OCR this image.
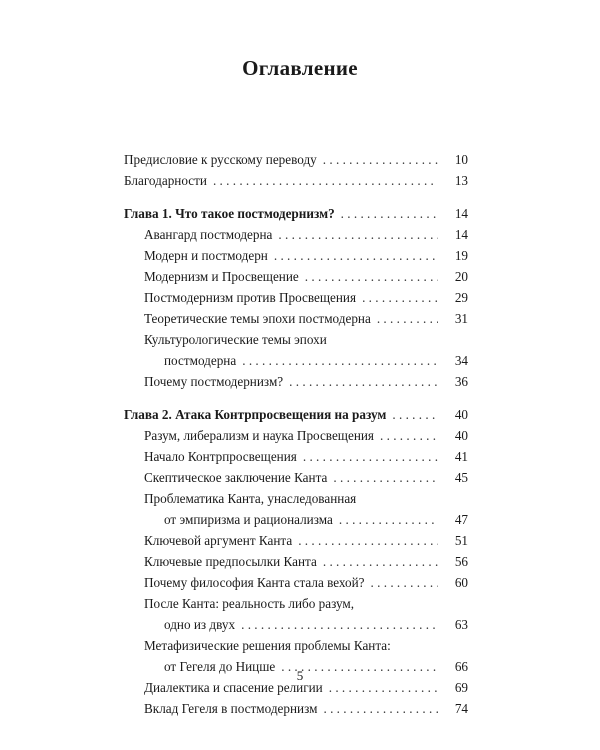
Оглавление
Предисловие к русскому переводу . . .	10
Благодарности . . .	13
Глава 1. Что такое постмодернизм? . . .	14
Авангард постмодерна . . .	14
Модерн и постмодерн . . .	19
Модернизм и Просвещение . . .	20
Постмодернизм против Просвещения . . .	29
Теоретические темы эпохи постмодерна . . .	31
Культурологические темы эпохи
постмодерна . . .	34
Почему постмодернизм? . . .	36
Глава 2. Атака Контрпросвещения на разум . . .	40
Разум, либерализм и наука Просвещения . . .	40
Начало Контрпросвещения . . .	41
Скептическое заключение Канта . . .	45
Проблематика Канта, унаследованная
от эмпиризма и рационализма . . .	47
Ключевой аргумент Канта . . .	51
Ключевые предпосылки Канта . . .	56
Почему философия Канта стала вехой? . . .	60
После Канта: реальность либо разум,
одно из двух . . .	63
Метафизические решения проблемы Канта:
от Гегеля до Ницше . . .	66
Диалектика и спасение религии . . .	69
Вклад Гегеля в постмодернизм . . .	74
5
